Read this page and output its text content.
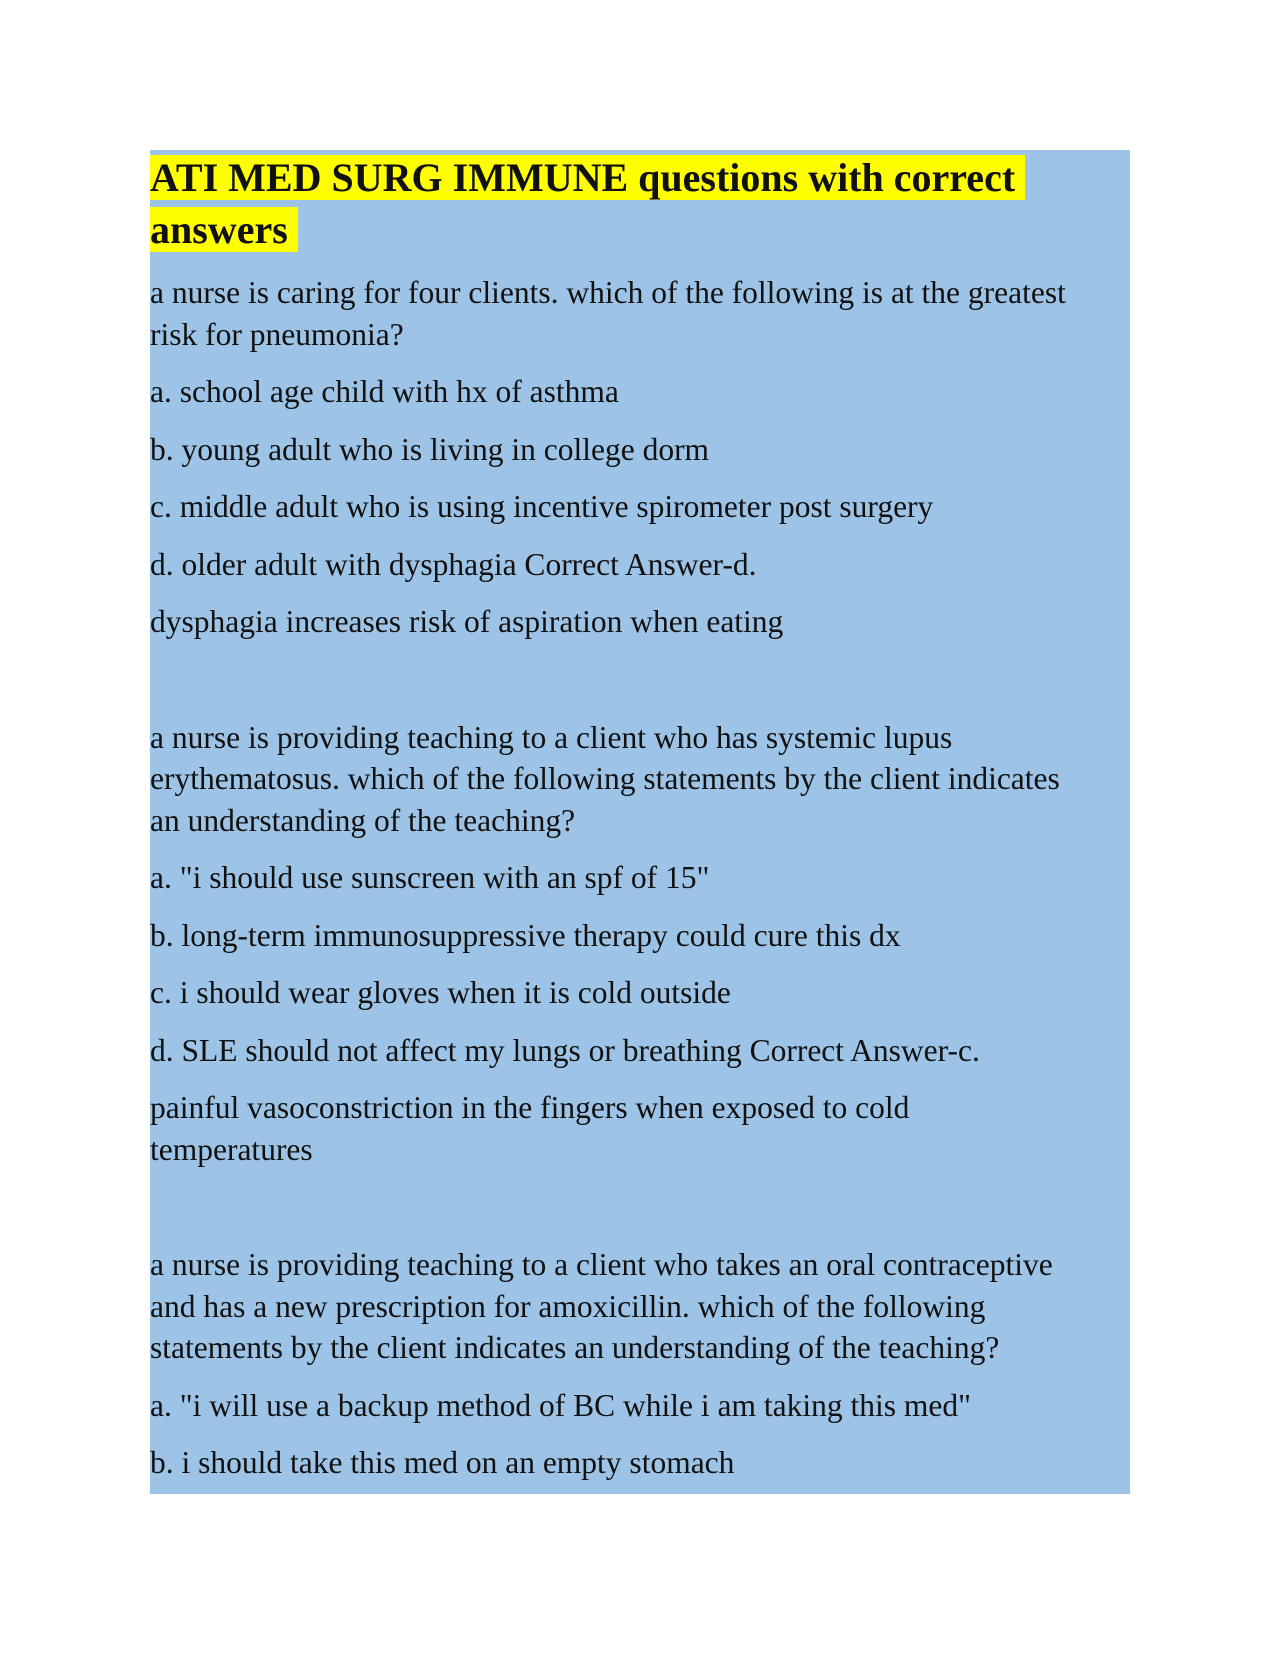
ATI MED SURG IMMUNE questions with correct answers

a nurse is caring for four clients. which of the following is at the greatest
risk for pneumonia?

a. school age child with hx of asthma

b. young adult who is living in college dorm

c. middle adult who is using incentive spirometer post surgery

d. older adult with dysphagia Correct Answer-d.

dysphagia increases risk of aspiration when eating

a nurse is providing teaching to a client who has systemic lupus
erythematosus. which of the following statements by the client indicates
an understanding of the teaching?

a. "i should use sunscreen with an spf of 15"

b. long-term immunosuppressive therapy could cure this dx

c. i should wear gloves when it is cold outside

d. SLE should not affect my lungs or breathing Correct Answer-c.

painful vasoconstriction in the fingers when exposed to cold
temperatures

a nurse is providing teaching to a client who takes an oral contraceptive
and has a new prescription for amoxicillin. which of the following
statements by the client indicates an understanding of the teaching?

a. "i will use a backup method of BC while i am taking this med"

b. i should take this med on an empty stomach
